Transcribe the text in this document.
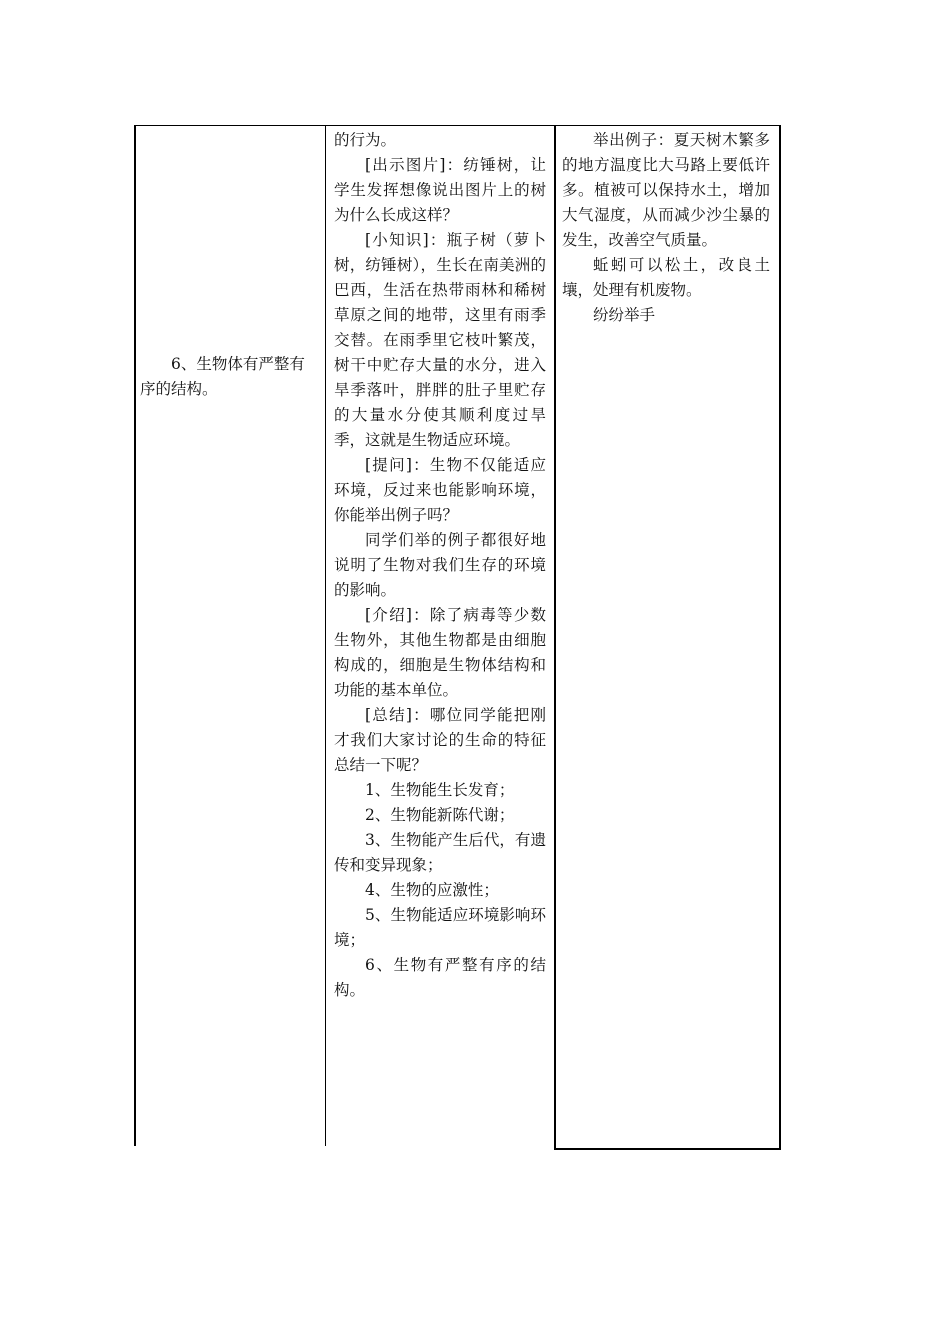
6、生物体有严整有序的结构。

的行为。

[出示图片]：纺锤树，让学生发挥想像说出图片上的树为什么长成这样？

[小知识]：瓶子树（萝卜树，纺锤树），生长在南美洲的巴西，生活在热带雨林和稀树草原之间的地带，这里有雨季交替。在雨季里它枝叶繁茂，树干中贮存大量的水分，进入旱季落叶，胖胖的肚子里贮存的大量水分使其顺利度过旱季，这就是生物适应环境。

[提问]：生物不仅能适应环境，反过来也能影响环境，你能举出例子吗？

同学们举的例子都很好地说明了生物对我们生存的环境的影响。

[介绍]：除了病毒等少数生物外，其他生物都是由细胞构成的，细胞是生物体结构和功能的基本单位。

[总结]：哪位同学能把刚才我们大家讨论的生命的特征总结一下呢？

1、生物能生长发育；

2、生物能新陈代谢；

3、生物能产生后代，有遗传和变异现象；

4、生物的应激性；

5、生物能适应环境影响环境；

6、生物有严整有序的结构。

举出例子：夏天树木繁多的地方温度比大马路上要低许多。植被可以保持水土，增加大气湿度，从而减少沙尘暴的发生，改善空气质量。

蚯蚓可以松土，改良土壤，处理有机废物。

纷纷举手
